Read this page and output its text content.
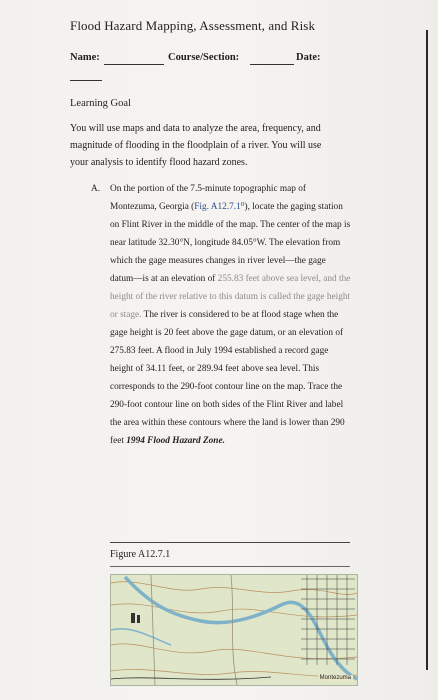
Flood Hazard Mapping, Assessment, and Risk
Name:	Course/Section:	Date:
Learning Goal
You will use maps and data to analyze the area, frequency, and magnitude of flooding in the floodplain of a river. You will use your analysis to identify flood hazard zones.
A. On the portion of the 7.5-minute topographic map of Montezuma, Georgia (Fig. A12.7.1⁰), locate the gaging station on Flint River in the middle of the map. The center of the map is near latitude 32.30°N, longitude 84.05°W. The elevation from which the gage measures changes in river level—the gage datum—is at an elevation of 255.83 feet above sea level, and the height of the river relative to this datum is called the gage height or stage. The river is considered to be at flood stage when the gage height is 20 feet above the gage datum, or an elevation of 275.83 feet. A flood in July 1994 established a record gage height of 34.11 feet, or 289.94 feet above sea level. This corresponds to the 290-foot contour line on the map. Trace the 290-foot contour line on both sides of the Flint River and label the area within these contours where the land is lower than 290 feet 1994 Flood Hazard Zone.
Figure A12.7.1
Montezuma
